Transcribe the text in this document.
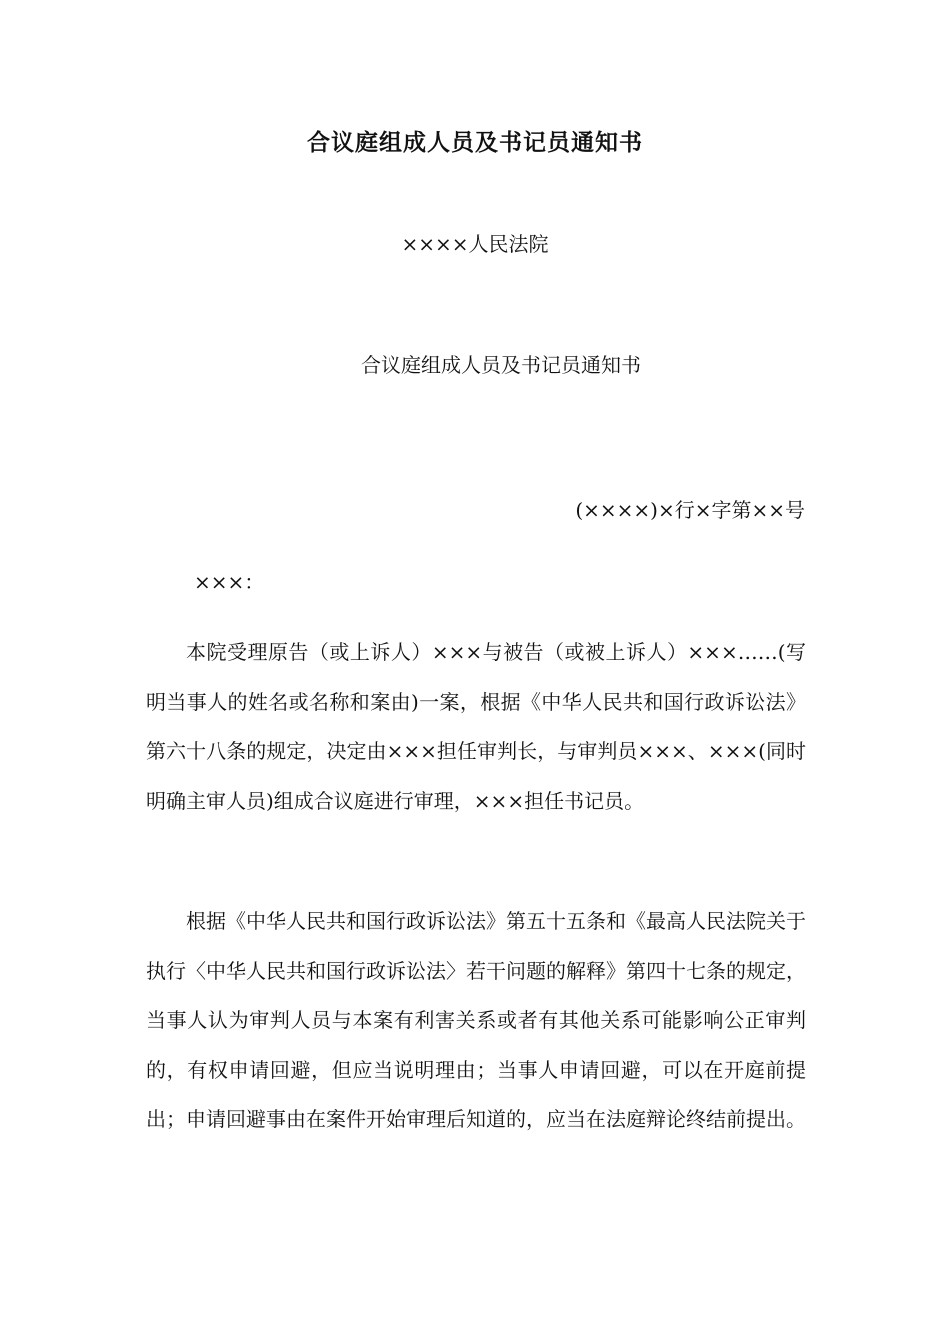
合议庭组成人员及书记员通知书
××××人民法院
合议庭组成人员及书记员通知书
(××××)×行×字第××号
×××：

本院受理原告（或上诉人）×××与被告（或被上诉人）×××……(写明当事人的姓名或名称和案由)一案，根据《中华人民共和国行政诉讼法》第六十八条的规定，决定由×××担任审判长，与审判员×××、×××(同时明确主审人员)组成合议庭进行审理，×××担任书记员。

根据《中华人民共和国行政诉讼法》第五十五条和《最高人民法院关于执行〈中华人民共和国行政诉讼法〉若干问题的解释》第四十七条的规定，当事人认为审判人员与本案有利害关系或者有其他关系可能影响公正审判的，有权申请回避，但应当说明理由；当事人申请回避，可以在开庭前提出；申请回避事由在案件开始审理后知道的，应当在法庭辩论终结前提出。
